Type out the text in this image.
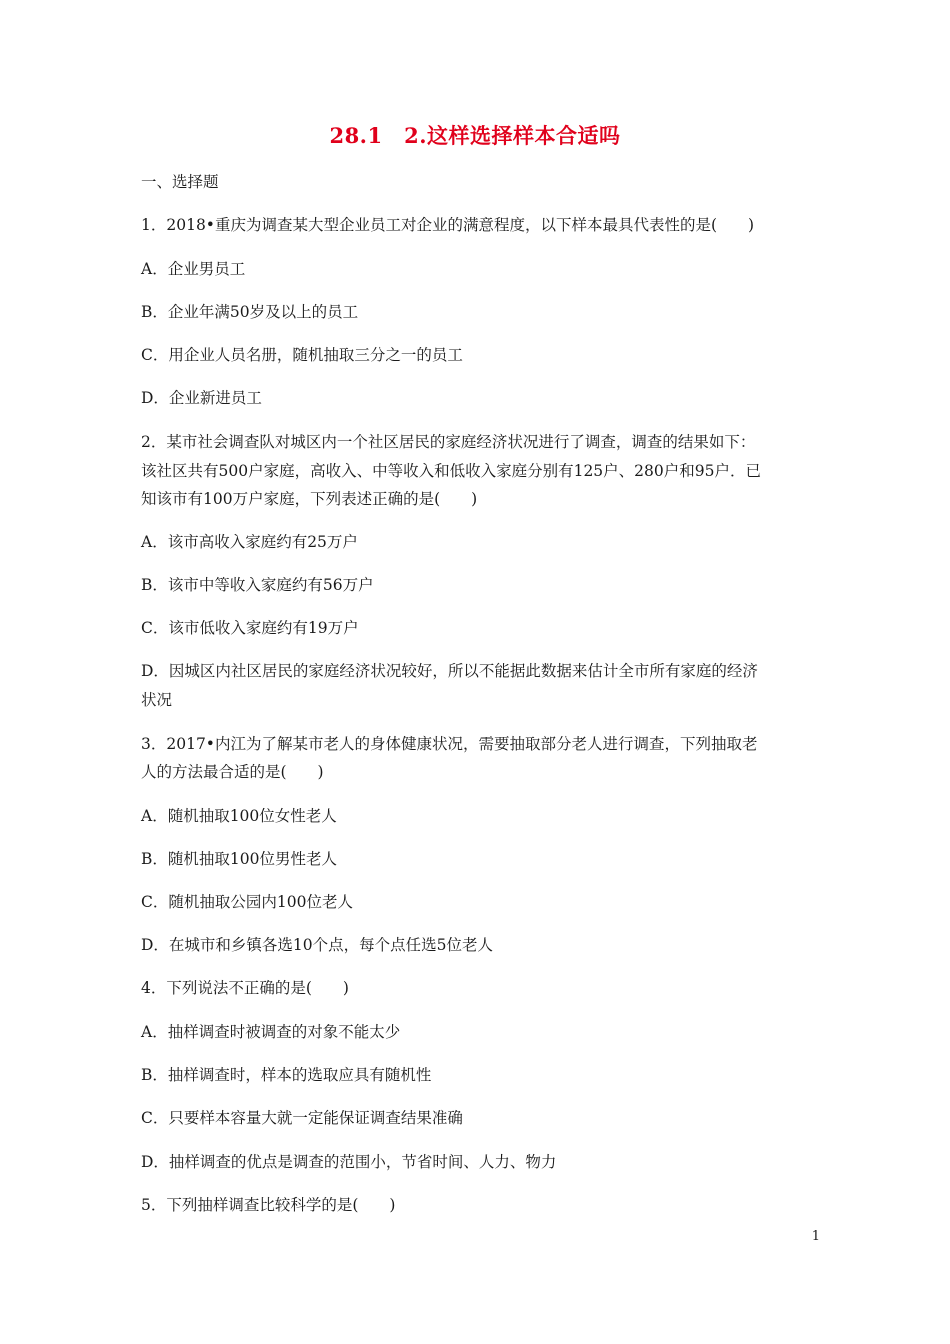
28.1　2.这样选择样本合适吗
一、选择题
1．2018•重庆为调查某大型企业员工对企业的满意程度，以下样本最具代表性的是(　　)
A．企业男员工
B．企业年满50岁及以上的员工
C．用企业人员名册，随机抽取三分之一的员工
D．企业新进员工
2．某市社会调查队对城区内一个社区居民的家庭经济状况进行了调查，调查的结果如下：
该社区共有500户家庭，高收入、中等收入和低收入家庭分别有125户、280户和95户．已
知该市有100万户家庭，下列表述正确的是(　　)
A．该市高收入家庭约有25万户
B．该市中等收入家庭约有56万户
C．该市低收入家庭约有19万户
D．因城区内社区居民的家庭经济状况较好，所以不能据此数据来估计全市所有家庭的经济
状况
3．2017•内江为了解某市老人的身体健康状况，需要抽取部分老人进行调查，下列抽取老
人的方法最合适的是(　　)
A．随机抽取100位女性老人
B．随机抽取100位男性老人
C．随机抽取公园内100位老人
D．在城市和乡镇各选10个点，每个点任选5位老人
4．下列说法不正确的是(　　)
A．抽样调查时被调查的对象不能太少
B．抽样调查时，样本的选取应具有随机性
C．只要样本容量大就一定能保证调查结果准确
D．抽样调查的优点是调查的范围小，节省时间、人力、物力
5．下列抽样调查比较科学的是(　　)
1
